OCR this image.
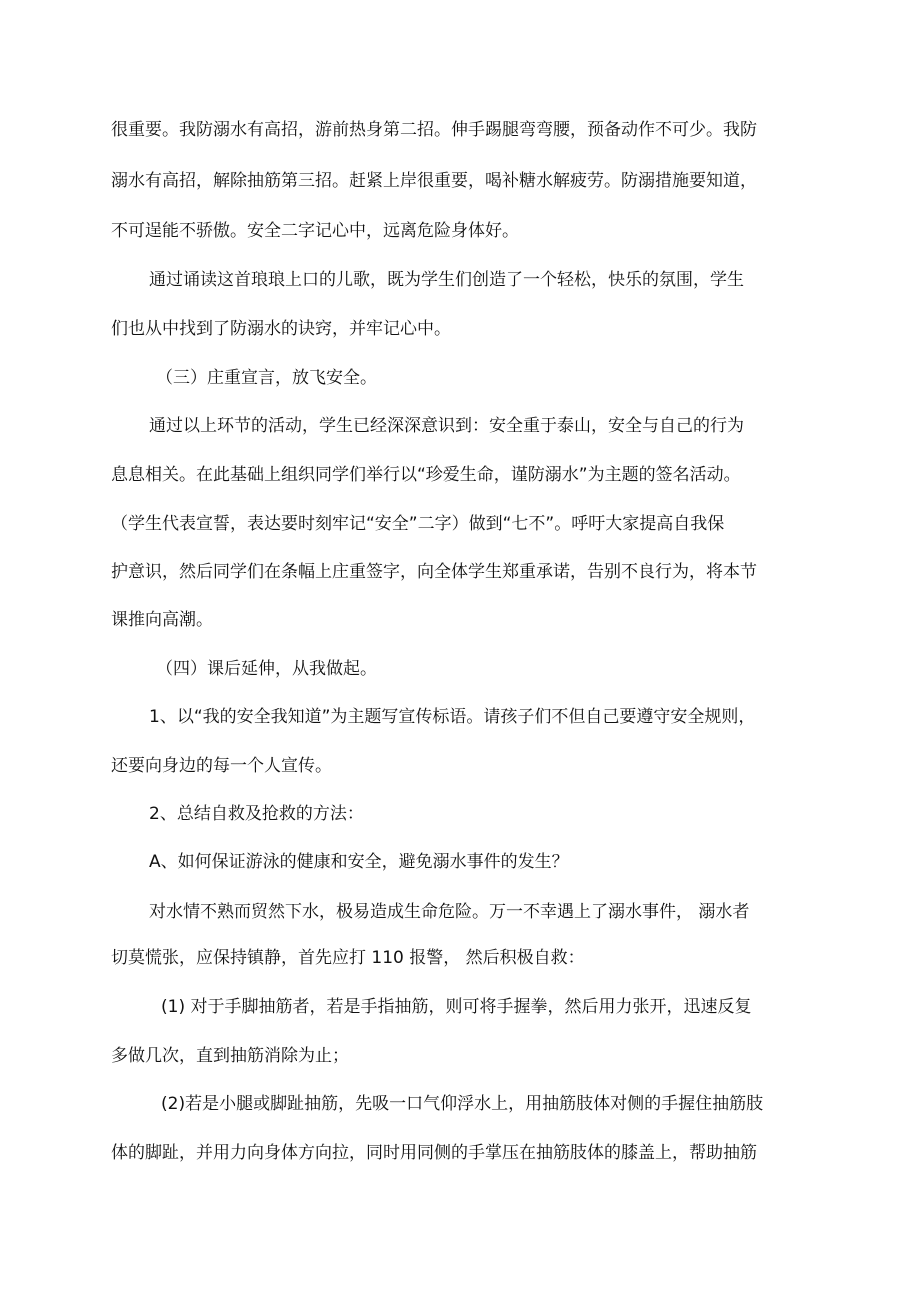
很重要。我防溺水有高招，游前热身第二招。伸手踢腿弯弯腰，预备动作不可少。我防

溺水有高招，解除抽筋第三招。赶紧上岸很重要，喝补糖水解疲劳。防溺措施要知道，

不可逞能不骄傲。安全二字记心中，远离危险身体好。

通过诵读这首琅琅上口的儿歌，既为学生们创造了一个轻松，快乐的氛围，学生

们也从中找到了防溺水的诀窍，并牢记心中。

（三）庄重宣言，放飞安全。

通过以上环节的活动，学生已经深深意识到：安全重于泰山，安全与自己的行为

息息相关。在此基础上组织同学们举行以“珍爱生命，谨防溺水”为主题的签名活动。

（学生代表宣誓，表达要时刻牢记“安全”二字）做到“七不”。呼吁大家提高自我保

护意识，然后同学们在条幅上庄重签字，向全体学生郑重承诺，告别不良行为，将本节

课推向高潮。

（四）课后延伸，从我做起。

1、以“我的安全我知道”为主题写宣传标语。请孩子们不但自己要遵守安全规则，

还要向身边的每一个人宣传。

2、总结自救及抢救的方法：

A、如何保证游泳的健康和安全，避免溺水事件的发生？

对水情不熟而贸然下水，极易造成生命危险。万一不幸遇上了溺水事件， 溺水者

切莫慌张，应保持镇静，首先应打 110 报警， 然后积极自救：

(1) 对于手脚抽筋者，若是手指抽筋，则可将手握拳，然后用力张开，迅速反复

多做几次，直到抽筋消除为止；

(2)若是小腿或脚趾抽筋，先吸一口气仰浮水上，用抽筋肢体对侧的手握住抽筋肢

体的脚趾，并用力向身体方向拉，同时用同侧的手掌压在抽筋肢体的膝盖上，帮助抽筋
